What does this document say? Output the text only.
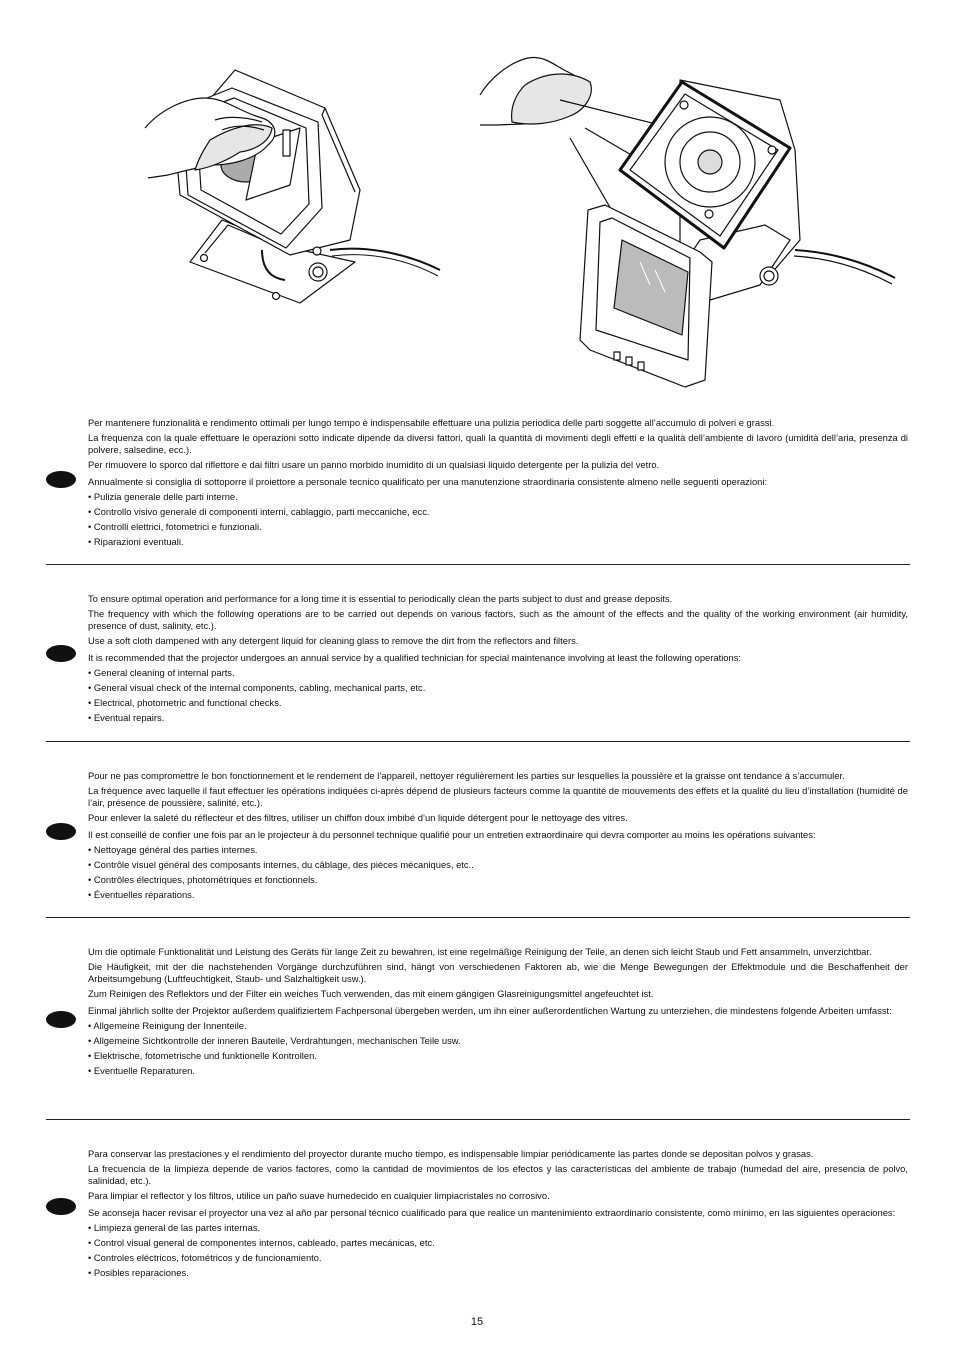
Per mantenere funzionalità e rendimento ottimali per lungo tempo è indispensabile effettuare una pulizia periodica delle parti soggette all’accumulo di polveri e grassi.

La frequenza con la quale effettuare le operazioni sotto indicate dipende da diversi fattori, quali la quantità di movimenti degli effetti e la qualità dell’ambiente di lavoro (umidità dell’aria, presenza di polvere, salsedine, ecc.).

Per rimuovere lo sporco dal riflettore e dai filtri usare un panno morbido inumidito di un qualsiasi liquido detergente per la pulizia del vetro.

Annualmente si consiglia di sottoporre il proiettore a personale tecnico qualificato per una manutenzione straordinaria consistente almeno nelle seguenti operazioni:

• Pulizia generale delle parti interne.
• Controllo visivo generale di componenti interni, cablaggio, parti meccaniche, ecc.
• Controlli elettrici, fotometrici e funzionali.
• Riparazioni eventuali.

To ensure optimal operation and performance for a long time it is essential to periodically clean the parts subject to dust and grease deposits.

The frequency with which the following operations are to be carried out depends on various factors, such as the amount of the effects and the quality of the working environment (air humidity, presence of dust, salinity, etc.).

Use a soft cloth dampened with any detergent liquid for cleaning glass to remove the dirt from the reflectors and filters.

It is recommended that the projector undergoes an annual service by a qualified technician for special maintenance involving at least the following operations:

• General cleaning of internal parts.
• General visual check of the internal components, cabling, mechanical parts, etc.
• Electrical, photometric and functional checks.
• Eventual repairs.

Pour ne pas compromettre le bon fonctionnement et le rendement de l’appareil, nettoyer régulièrement les parties sur lesquelles la poussière et la graisse ont tendance à s’accumuler.

La fréquence avec laquelle il faut effectuer les opérations indiquées ci-après dépend de plusieurs facteurs comme la quantité de mouvements des effets et la qualité du lieu d’installation (humidité de l’air, présence de poussière, salinité, etc.).

Pour enlever la saleté du réflecteur et des filtres, utiliser un chiffon doux imbibé d’un liquide détergent pour le nettoyage des vitres.

Il est conseillé de confier une fois par an le projecteur à du personnel technique qualifié pour un entretien extraordinaire qui devra comporter au moins les opérations suivantes:

• Nettoyage général des parties internes.
• Contrôle visuel général des composants internes, du câblage, des pièces mécaniques, etc..
• Contrôles électriques, photométriques et fonctionnels.
• Éventuelles réparations.

Um die optimale Funktionalität und Leistung des Geräts für lange Zeit zu bewahren, ist eine regelmäßige Reinigung der Teile, an denen sich leicht Staub und Fett ansammeln, unverzichtbar.

Die Häufigkeit, mit der die nachstehenden Vorgänge durchzuführen sind, hängt von verschiedenen Faktoren ab, wie die Menge Bewegungen der Effektmodule und die Beschaffenheit der Arbeitsumgebung (Luftfeuchtigkeit, Staub- und Salzhaltigkeit usw.).

Zum Reinigen des Reflektors und der Filter ein weiches Tuch verwenden, das mit einem gängigen Glasreinigungsmittel angefeuchtet ist.

Einmal jährlich sollte der Projektor außerdem qualifiziertem Fachpersonal übergeben werden, um ihn einer außerordentlichen Wartung zu unterziehen, die mindestens folgende Arbeiten umfasst:

• Allgemeine Reinigung der Innenteile.
• Allgemeine Sichtkontrolle der inneren Bauteile, Verdrahtungen, mechanischen Teile usw.
• Elektrische, fotometrische und funktionelle Kontrollen.
• Eventuelle Reparaturen.

Para conservar las prestaciones y el rendimiento del proyector durante mucho tiempo, es indispensable limpiar periódicamente las partes donde se depositan polvos y grasas.

La frecuencia de la limpieza depende de varios factores, como la cantidad de movimientos de los efectos y las características del ambiente de trabajo (humedad del aire, presencia de polvo, salinidad, etc.).

Para limpiar el reflector y los filtros, utilice un paño suave humedecido en cualquier limpiacristales no corrosivo.

Se aconseja hacer revisar el proyector una vez al año par personal técnico cualificado para que realice un mantenimiento extraordinario consistente, como mínimo, en las siguientes operaciones:

• Limpieza general de las partes internas.
• Control visual general de componentes internos, cableado, partes mecánicas, etc.
• Controles eléctricos, fotométricos y de funcionamiento.
• Posibles reparaciones.
15
